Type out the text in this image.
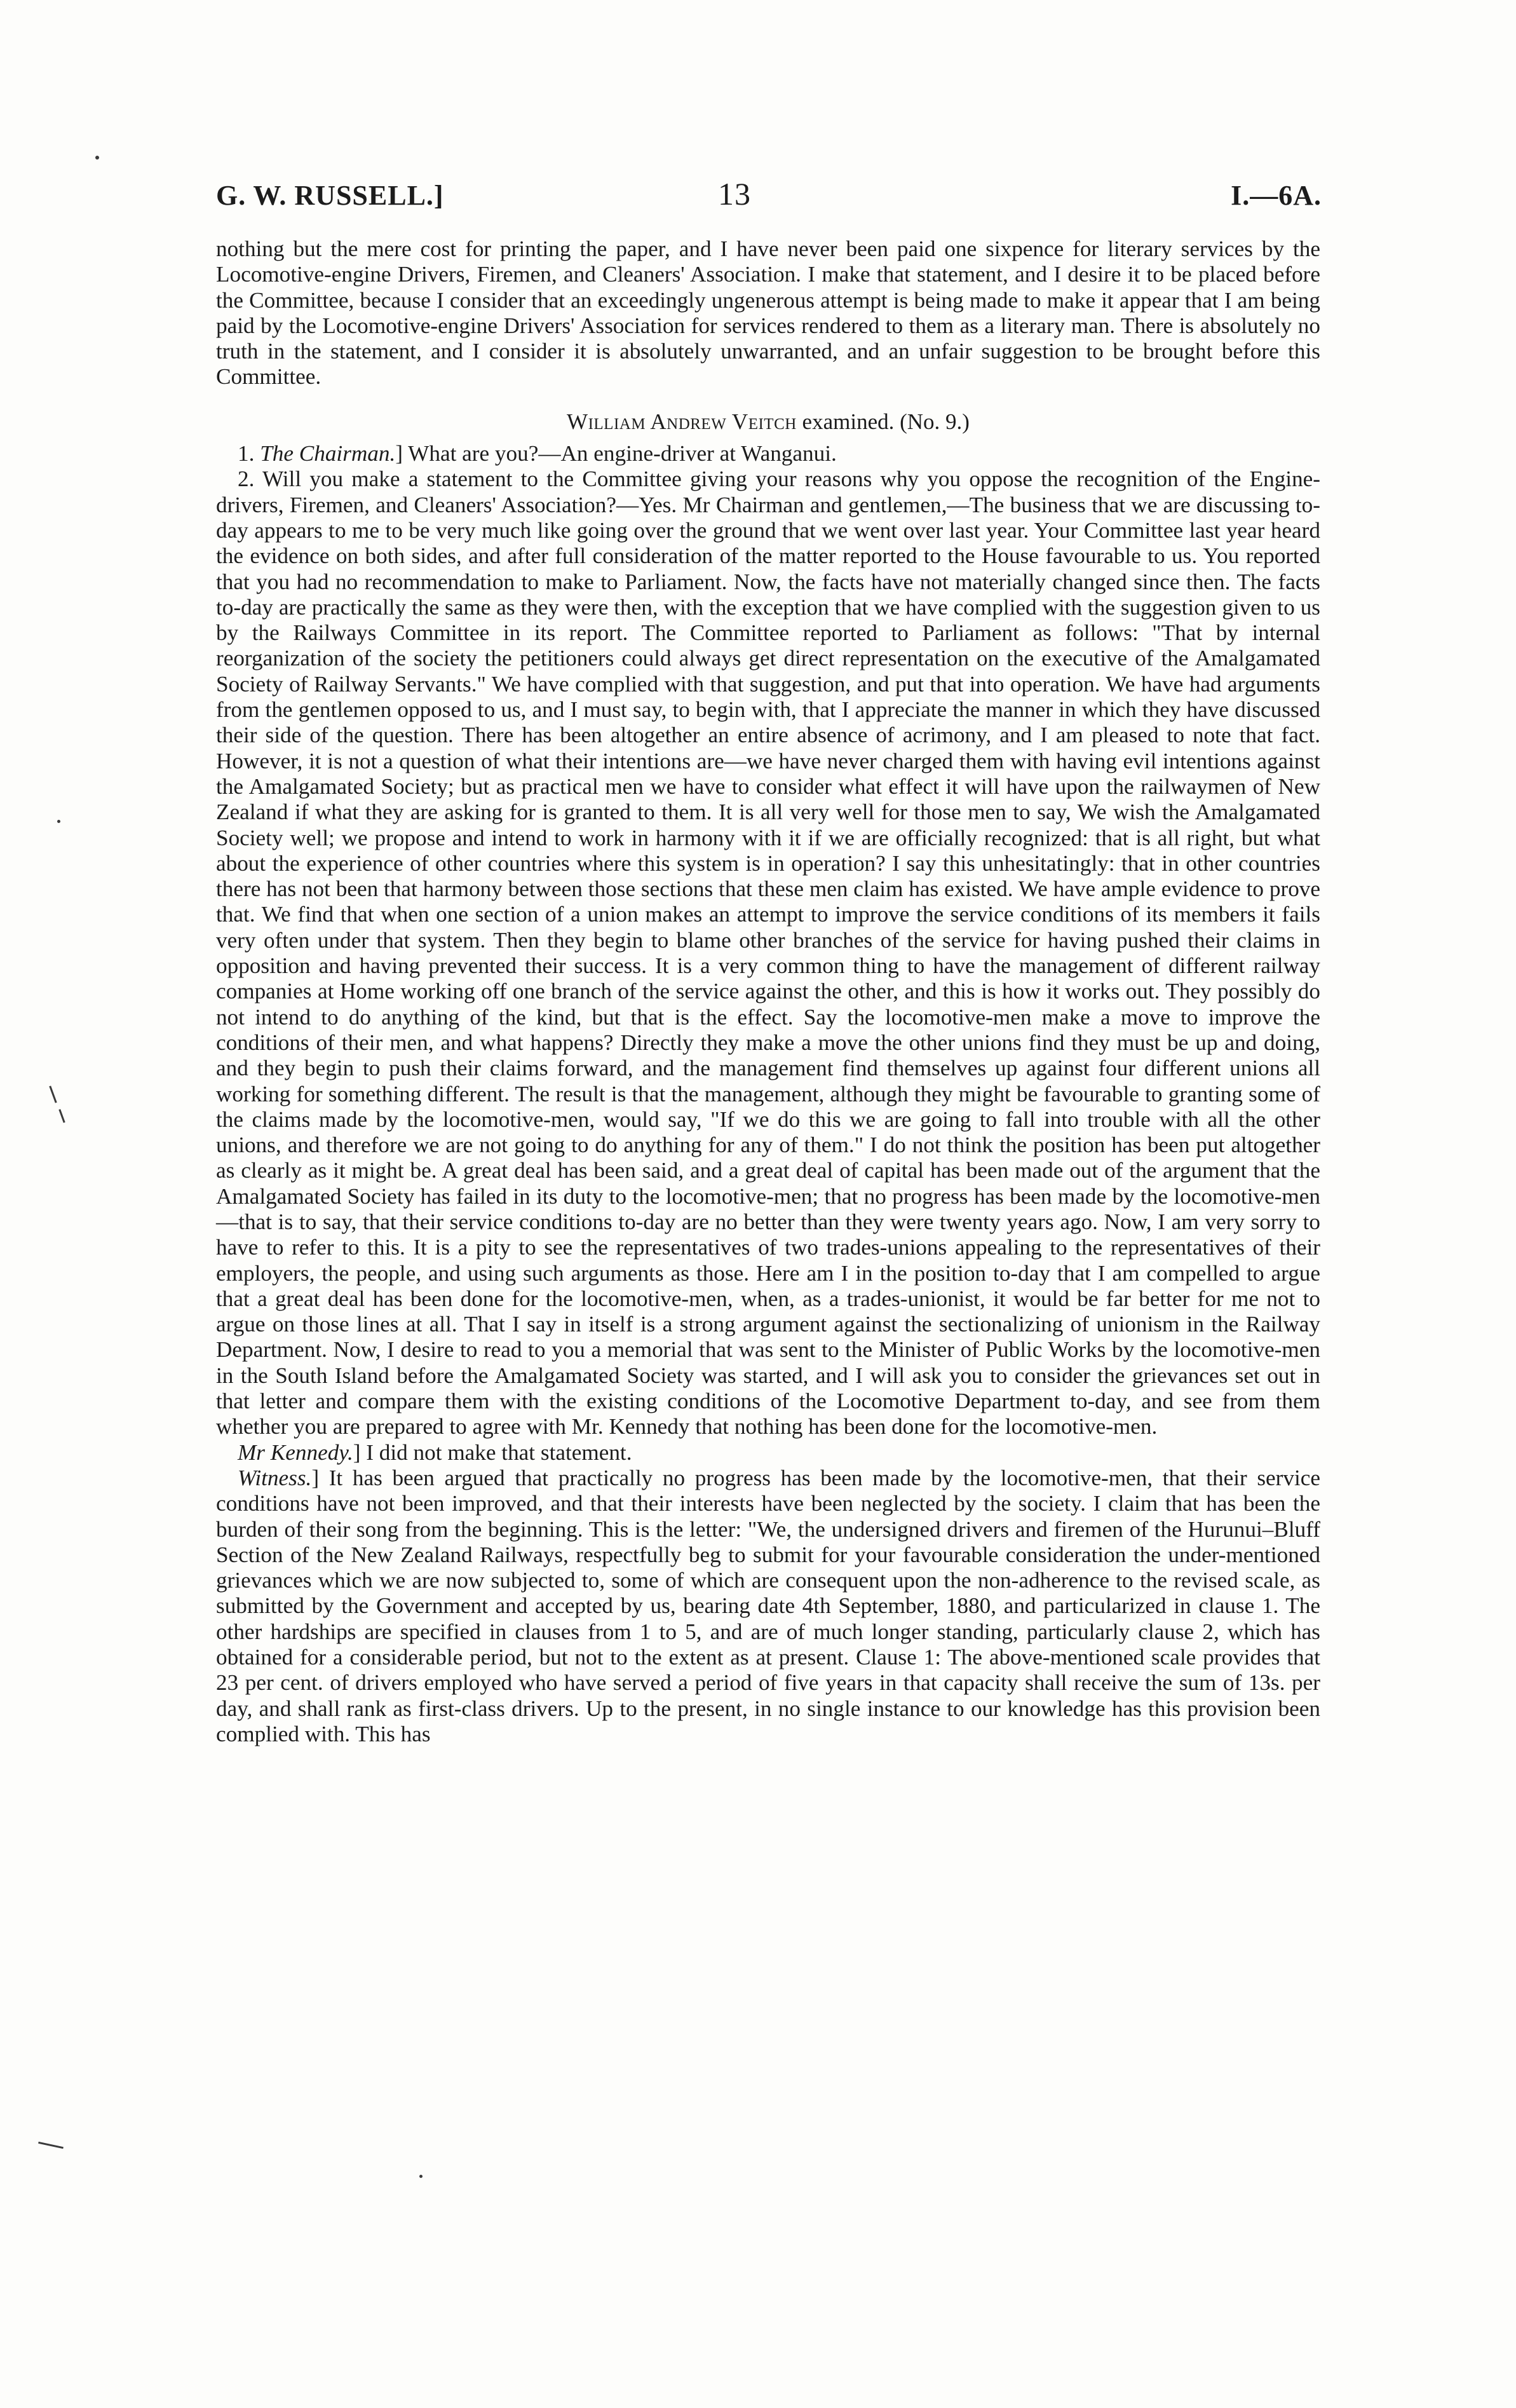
G. W. RUSSELL.]	13	I.—6A.

nothing but the mere cost for printing the paper, and I have never been paid one sixpence for literary services by the Locomotive-engine Drivers, Firemen, and Cleaners' Association. I make that statement, and I desire it to be placed before the Committee, because I consider that an exceedingly ungenerous attempt is being made to make it appear that I am being paid by the Locomotive-engine Drivers' Association for services rendered to them as a literary man. There is absolutely no truth in the statement, and I consider it is absolutely unwarranted, and an unfair suggestion to be brought before this Committee.

William Andrew Veitch examined. (No. 9.)

1. The Chairman.] What are you?—An engine-driver at Wanganui.

2. Will you make a statement to the Committee giving your reasons why you oppose the recognition of the Engine-drivers, Firemen, and Cleaners' Association?—Yes. Mr Chairman and gentlemen,—The business that we are discussing to-day appears to me to be very much like going over the ground that we went over last year. Your Committee last year heard the evidence on both sides, and after full consideration of the matter reported to the House favourable to us. You reported that you had no recommendation to make to Parliament. Now, the facts have not materially changed since then. The facts to-day are practically the same as they were then, with the exception that we have complied with the suggestion given to us by the Railways Committee in its report. The Committee reported to Parliament as follows: "That by internal reorganization of the society the petitioners could always get direct representation on the executive of the Amalgamated Society of Railway Servants." We have complied with that suggestion, and put that into operation. We have had arguments from the gentlemen opposed to us, and I must say, to begin with, that I appreciate the manner in which they have discussed their side of the question. There has been altogether an entire absence of acrimony, and I am pleased to note that fact. However, it is not a question of what their intentions are—we have never charged them with having evil intentions against the Amalgamated Society; but as practical men we have to consider what effect it will have upon the railwaymen of New Zealand if what they are asking for is granted to them. It is all very well for those men to say, We wish the Amalgamated Society well; we propose and intend to work in harmony with it if we are officially recognized: that is all right, but what about the experience of other countries where this system is in operation? I say this unhesitatingly: that in other countries there has not been that harmony between those sections that these men claim has existed. We have ample evidence to prove that. We find that when one section of a union makes an attempt to improve the service conditions of its members it fails very often under that system. Then they begin to blame other branches of the service for having pushed their claims in opposition and having prevented their success. It is a very common thing to have the management of different railway companies at Home working off one branch of the service against the other, and this is how it works out. They possibly do not intend to do anything of the kind, but that is the effect. Say the locomotive-men make a move to improve the conditions of their men, and what happens? Directly they make a move the other unions find they must be up and doing, and they begin to push their claims forward, and the management find themselves up against four different unions all working for something different. The result is that the management, although they might be favourable to granting some of the claims made by the locomotive-men, would say, "If we do this we are going to fall into trouble with all the other unions, and therefore we are not going to do anything for any of them." I do not think the position has been put altogether as clearly as it might be. A great deal has been said, and a great deal of capital has been made out of the argument that the Amalgamated Society has failed in its duty to the locomotive-men; that no progress has been made by the locomotive-men—that is to say, that their service conditions to-day are no better than they were twenty years ago. Now, I am very sorry to have to refer to this. It is a pity to see the representatives of two trades-unions appealing to the representatives of their employers, the people, and using such arguments as those. Here am I in the position to-day that I am compelled to argue that a great deal has been done for the locomotive-men, when, as a trades-unionist, it would be far better for me not to argue on those lines at all. That I say in itself is a strong argument against the sectionalizing of unionism in the Railway Department. Now, I desire to read to you a memorial that was sent to the Minister of Public Works by the locomotive-men in the South Island before the Amalgamated Society was started, and I will ask you to consider the grievances set out in that letter and compare them with the existing conditions of the Locomotive Department to-day, and see from them whether you are prepared to agree with Mr. Kennedy that nothing has been done for the locomotive-men.

Mr Kennedy.] I did not make that statement.

Witness.] It has been argued that practically no progress has been made by the locomotive-men, that their service conditions have not been improved, and that their interests have been neglected by the society. I claim that has been the burden of their song from the beginning. This is the letter: "We, the undersigned drivers and firemen of the Hurunui–Bluff Section of the New Zealand Railways, respectfully beg to submit for your favourable consideration the under-mentioned grievances which we are now subjected to, some of which are consequent upon the non-adherence to the revised scale, as submitted by the Government and accepted by us, bearing date 4th September, 1880, and particularized in clause 1. The other hardships are specified in clauses from 1 to 5, and are of much longer standing, particularly clause 2, which has obtained for a considerable period, but not to the extent as at present. Clause 1: The above-mentioned scale provides that 23 per cent. of drivers employed who have served a period of five years in that capacity shall receive the sum of 13s. per day, and shall rank as first-class drivers. Up to the present, in no single instance to our knowledge has this provision been complied with. This has
